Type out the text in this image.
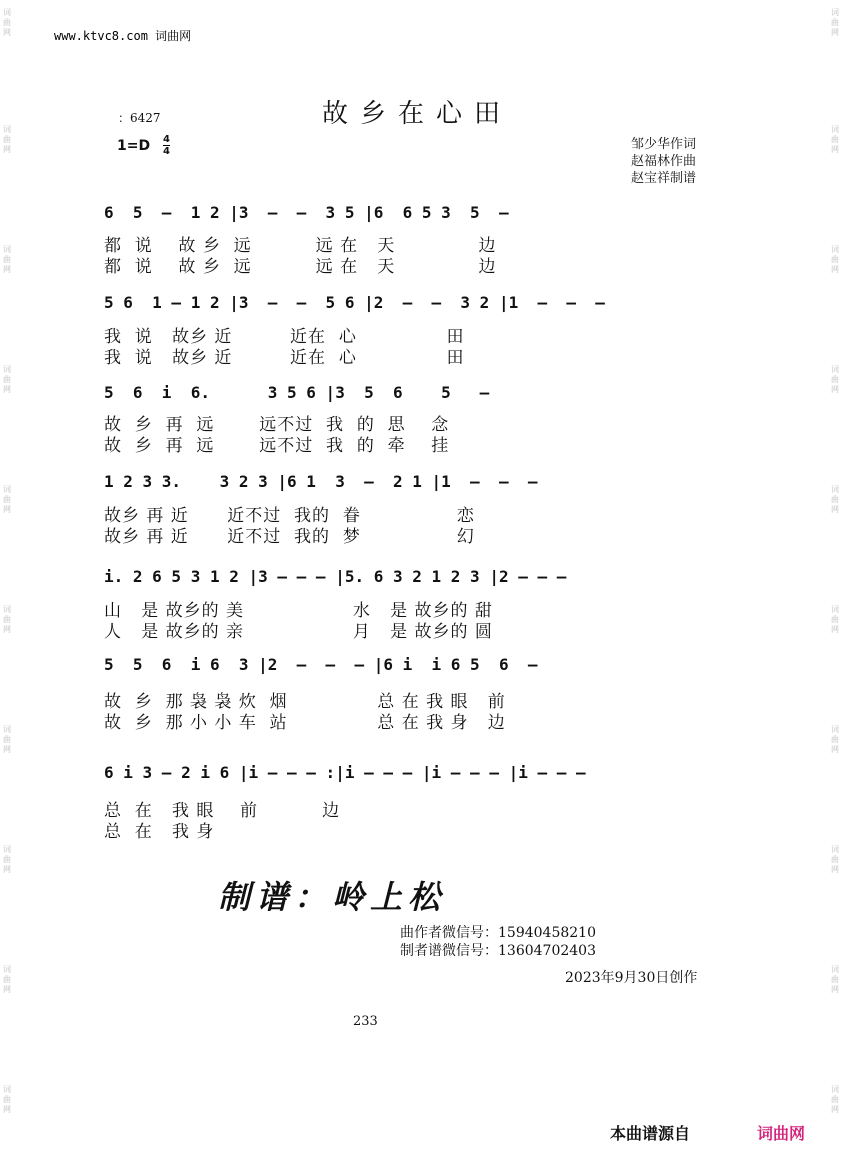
词曲网
词曲网
词曲网
词曲网
词曲网
词曲网
词曲网
词曲网
词曲网
词曲网
词曲网
词曲网
词曲网
词曲网
词曲网
词曲网
词曲网
词曲网
词曲网
词曲网
www.ktvc8.com 词曲网
：6427	故乡在心田
$1=D \frac{4}{4}$	邹少华作词
赵福林作曲
赵宝祥制谱
6  5  –  1 2 |3  –  –  3 5 |6  6 5 3  5  –
都  说    故 乡  远          远 在   天             边
都  说    故 乡  远          远 在   天             边
5 6  1 – 1 2 |3  –  –  5 6 |2  –  –  3 2 |1  –  –  –
我  说   故乡 近         近在  心              田
我  说   故乡 近         近在  心              田
5  6  i  6.      3 5 6 |3  5  6    5   –
故  乡  再  远       远不过  我  的  思    念
故  乡  再  远       远不过  我  的  牵    挂
1 2 3 3.    3 2 3 |6 1  3  –  2 1 |1  –  –  –
故乡 再 近      近不过  我的  眷               恋
故乡 再 近      近不过  我的  梦               幻
i. 2 6 5 3 1 2 |3 – – – |5. 6 3 2 1 2 3 |2 – – –
山   是 故乡的 美                 水   是 故乡的 甜
人   是 故乡的 亲                 月   是 故乡的 圆
5  5  6  i 6  3 |2  –  –  – |6 i  i 6 5  6  –
故  乡  那 袅 袅 炊  烟              总 在 我 眼   前
故  乡  那 小 小 车  站              总 在 我 身   边
6 i 3 – 2 i 6 |i – – – :|i – – – |i – – – |i – – –
总  在   我 眼    前          边
总  在   我 身
制谱：岭上松
曲作者微信号：15940458210
制者谱微信号：13604702403
2023年9月30日创作
233
本曲谱源自	词曲网
